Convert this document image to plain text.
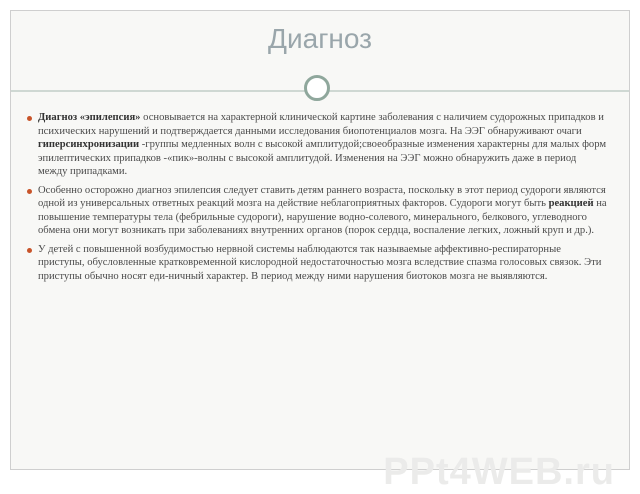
Диагноз
Диагноз «эпилепсия» основывается на характерной клинической картине заболевания с наличием судорожных припадков и психических нарушений и подтверждается данными исследования биопотенциалов мозга. На ЭЭГ обнаруживают очаги гиперсинхронизации -группы медленных волн с высокой амплитудой;своеобразные изменения характерны для малых форм эпилептических припадков -«пик»-волны с высокой амплитудой. Изменения на ЭЭГ можно обнаружить даже в период между припадками.
Особенно осторожно диагноз эпилепсия следует ставить детям раннего возраста, поскольку в этот период судороги являются одной из универсальных ответных реакций мозга на действие неблагоприятных факторов. Судороги могут быть реакцией на повышение температуры тела (фебрильные судороги), нарушение водно-солевого, минерального, белкового, углеводного обмена они могут возникать при заболеваниях внутренних органов (порок сердца, воспаление легких, ложный круп и др.).
У детей с повышенной возбудимостью нервной системы наблюдаются так называемые аффективно-респираторные приступы, обусловленные кратковременной кислородной недостаточностью мозга вследствие спазма голосовых связок. Эти приступы обычно носят еди-ничный характер. В период между ними нарушения биотоков мозга не выявляются.
PPt4WEB.ru
